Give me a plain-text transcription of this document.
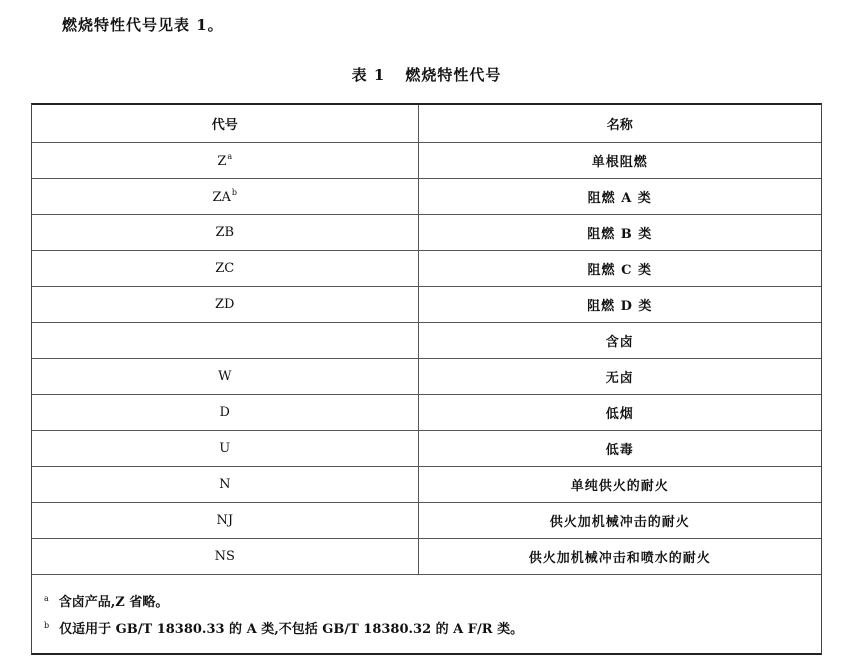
燃烧特性代号见表 1。
表 1 燃烧特性代号
代号	名称
$Z^a$	单根阻燃
$ZA^b$	阻燃 A 类
ZB	阻燃 B 类
ZC	阻燃 C 类
ZD	阻燃 D 类
	含卤
W	无卤
D	低烟
U	低毒
N	单纯供火的耐火
NJ	供火加机械冲击的耐火
NS	供火加机械冲击和喷水的耐火
$^a$ 含卤产品,Z 省略。
$^b$ 仅适用于 GB/T 18380.33 的 A 类,不包括 GB/T 18380.32 的 A F/R 类。
